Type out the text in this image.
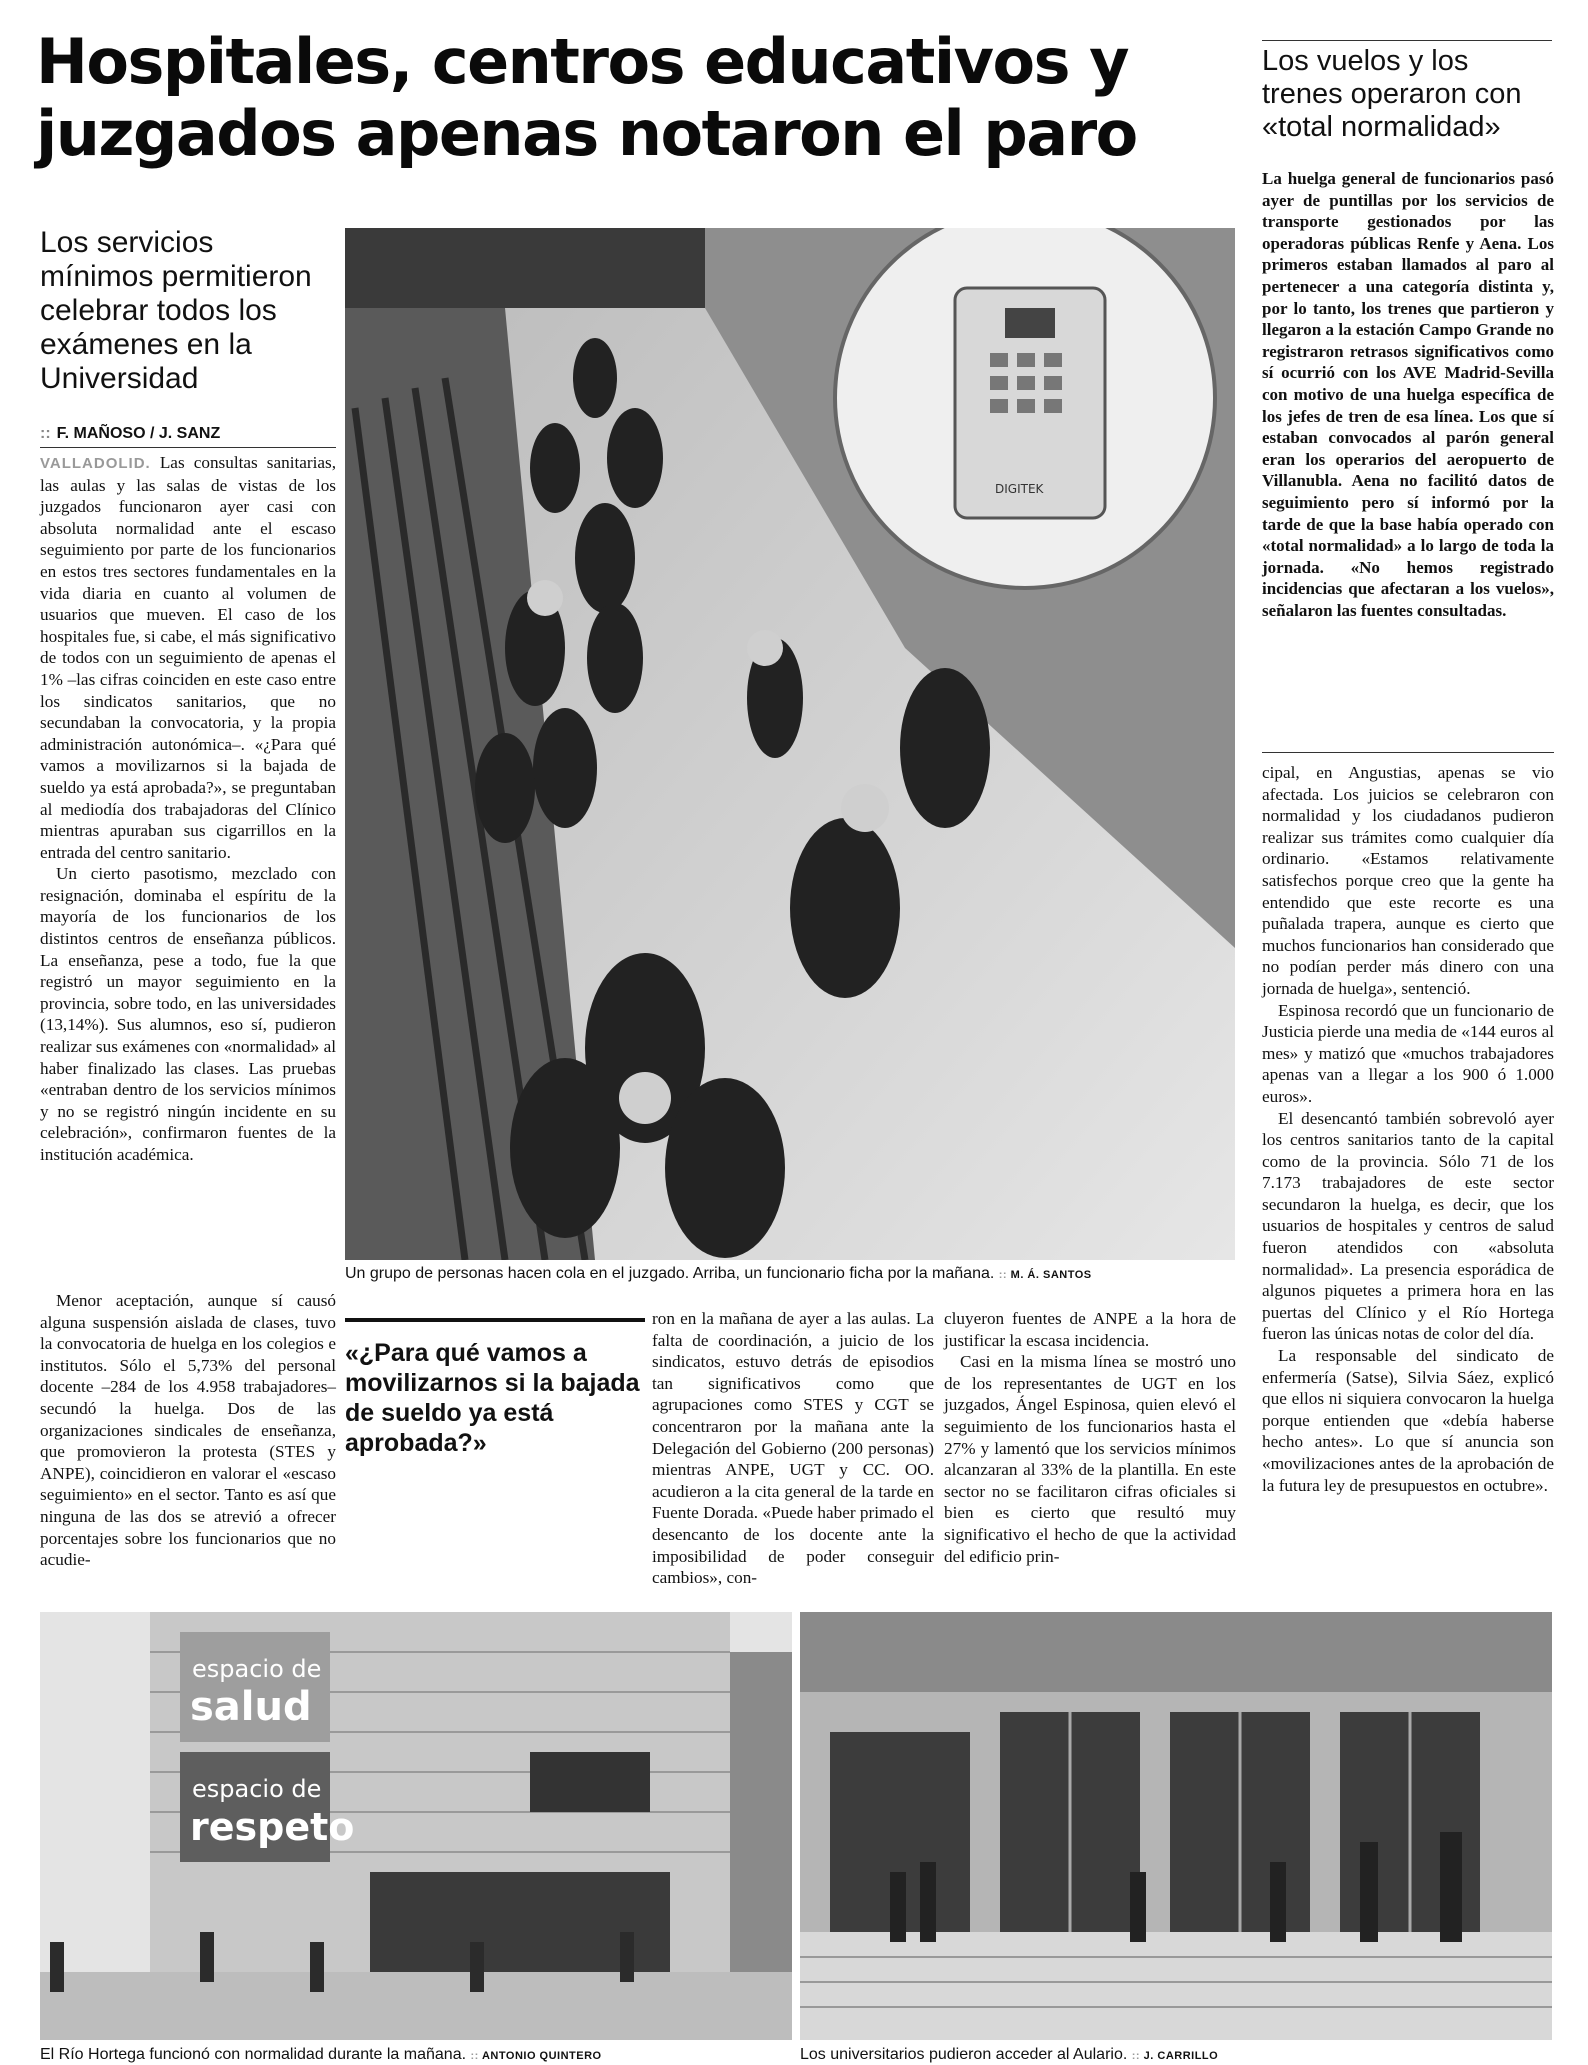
Hospitales, centros educativos y juzgados apenas notaron el paro
Los servicios mínimos permitieron celebrar todos los exámenes en la Universidad
:: F. MAÑOSO / J. SANZ

VALLADOLID. Las consultas sanitarias, las aulas y las salas de vistas de los juzgados funcionaron ayer casi con absoluta normalidad ante el escaso seguimiento por parte de los funcionarios en estos tres sectores fundamentales en la vida diaria en cuanto al volumen de usuarios que mueven. El caso de los hospitales fue, si cabe, el más significativo de todos con un seguimiento de apenas el 1% –las cifras coinciden en este caso entre los sindicatos sanitarios, que no secundaban la convocatoria, y la propia administración autonómica–. «¿Para qué vamos a movilizarnos si la bajada de sueldo ya está aprobada?», se preguntaban al mediodía dos trabajadoras del Clínico mientras apuraban sus cigarrillos en la entrada del centro sanitario.

Un cierto pasotismo, mezclado con resignación, dominaba el espíritu de la mayoría de los funcionarios de los distintos centros de enseñanza públicos. La enseñanza, pese a todo, fue la que registró un mayor seguimiento en la provincia, sobre todo, en las universidades (13,14%). Sus alumnos, eso sí, pudieron realizar sus exámenes con «normalidad» al haber finalizado las clases. Las pruebas «entraban dentro de los servicios mínimos y no se registró ningún incidente en su celebración», confirmaron fuentes de la institución académica.

Menor aceptación, aunque sí causó alguna suspensión aislada de clases, tuvo la convocatoria de huelga en los colegios e institutos. Sólo el 5,73% del personal docente –284 de los 4.958 trabajadores– secundó la huelga. Dos de las organizaciones sindicales de enseñanza, que promovieron la protesta (STES y ANPE), coincidieron en valorar el «escaso seguimiento» en el sector. Tanto es así que ninguna de las dos se atrevió a ofrecer porcentajes sobre los funcionarios que no acudie-

DIGITEK
Un grupo de personas hacen cola en el juzgado. Arriba, un funcionario ficha por la mañana. :: M. Á. SANTOS
«¿Para qué vamos a movilizarnos si la bajada de sueldo ya está aprobada?»

ron en la mañana de ayer a las aulas. La falta de coordinación, a juicio de los sindicatos, estuvo detrás de episodios tan significativos como que agrupaciones como STES y CGT se concentraron por la mañana ante la Delegación del Gobierno (200 personas) mientras ANPE, UGT y CC. OO. acudieron a la cita general de la tarde en Fuente Dorada. «Puede haber primado el desencanto de los docente ante la imposibilidad de poder conseguir cambios», con-

cluyeron fuentes de ANPE a la hora de justificar la escasa incidencia.

Casi en la misma línea se mostró uno de los representantes de UGT en los juzgados, Ángel Espinosa, quien elevó el seguimiento de los funcionarios hasta el 27% y lamentó que los servicios mínimos alcanzaran al 33% de la plantilla. En este sector no se facilitaron cifras oficiales si bien es cierto que resultó muy significativo el hecho de que la actividad del edificio prin-

Los vuelos y los trenes operaron con «total normalidad»
La huelga general de funcionarios pasó ayer de puntillas por los servicios de transporte gestionados por las operadoras públicas Renfe y Aena. Los primeros estaban llamados al paro al pertenecer a una categoría distinta y, por lo tanto, los trenes que partieron y llegaron a la estación Campo Grande no registraron retrasos significativos como sí ocurrió con los AVE Madrid-Sevilla con motivo de una huelga específica de los jefes de tren de esa línea. Los que sí estaban convocados al parón general eran los operarios del aeropuerto de Villanubla. Aena no facilitó datos de seguimiento pero sí informó por la tarde de que la base había operado con «total normalidad» a lo largo de toda la jornada. «No hemos registrado incidencias que afectaran a los vuelos», señalaron las fuentes consultadas.

cipal, en Angustias, apenas se vio afectada. Los juicios se celebraron con normalidad y los ciudadanos pudieron realizar sus trámites como cualquier día ordinario. «Estamos relativamente satisfechos porque creo que la gente ha entendido que este recorte es una puñalada trapera, aunque es cierto que muchos funcionarios han considerado que no podían perder más dinero con una jornada de huelga», sentenció.

Espinosa recordó que un funcionario de Justicia pierde una media de «144 euros al mes» y matizó que «muchos trabajadores apenas van a llegar a los 900 ó 1.000 euros».

El desencantó también sobrevoló ayer los centros sanitarios tanto de la capital como de la provincia. Sólo 71 de los 7.173 trabajadores de este sector secundaron la huelga, es decir, que los usuarios de hospitales y centros de salud fueron atendidos con «absoluta normalidad». La presencia esporádica de algunos piquetes a primera hora en las puertas del Clínico y el Río Hortega fueron las únicas notas de color del día.

La responsable del sindicato de enfermería (Satse), Silvia Sáez, explicó que ellos ni siquiera convocaron la huelga porque entienden que «debía haberse hecho antes». Lo que sí anuncia son «movilizaciones antes de la aprobación de la futura ley de presupuestos en octubre».

espacio de
salud
espacio de
respeto
El Río Hortega funcionó con normalidad durante la mañana. :: ANTONIO QUINTERO	Los universitarios pudieron acceder al Aulario. :: J. CARRILLO
